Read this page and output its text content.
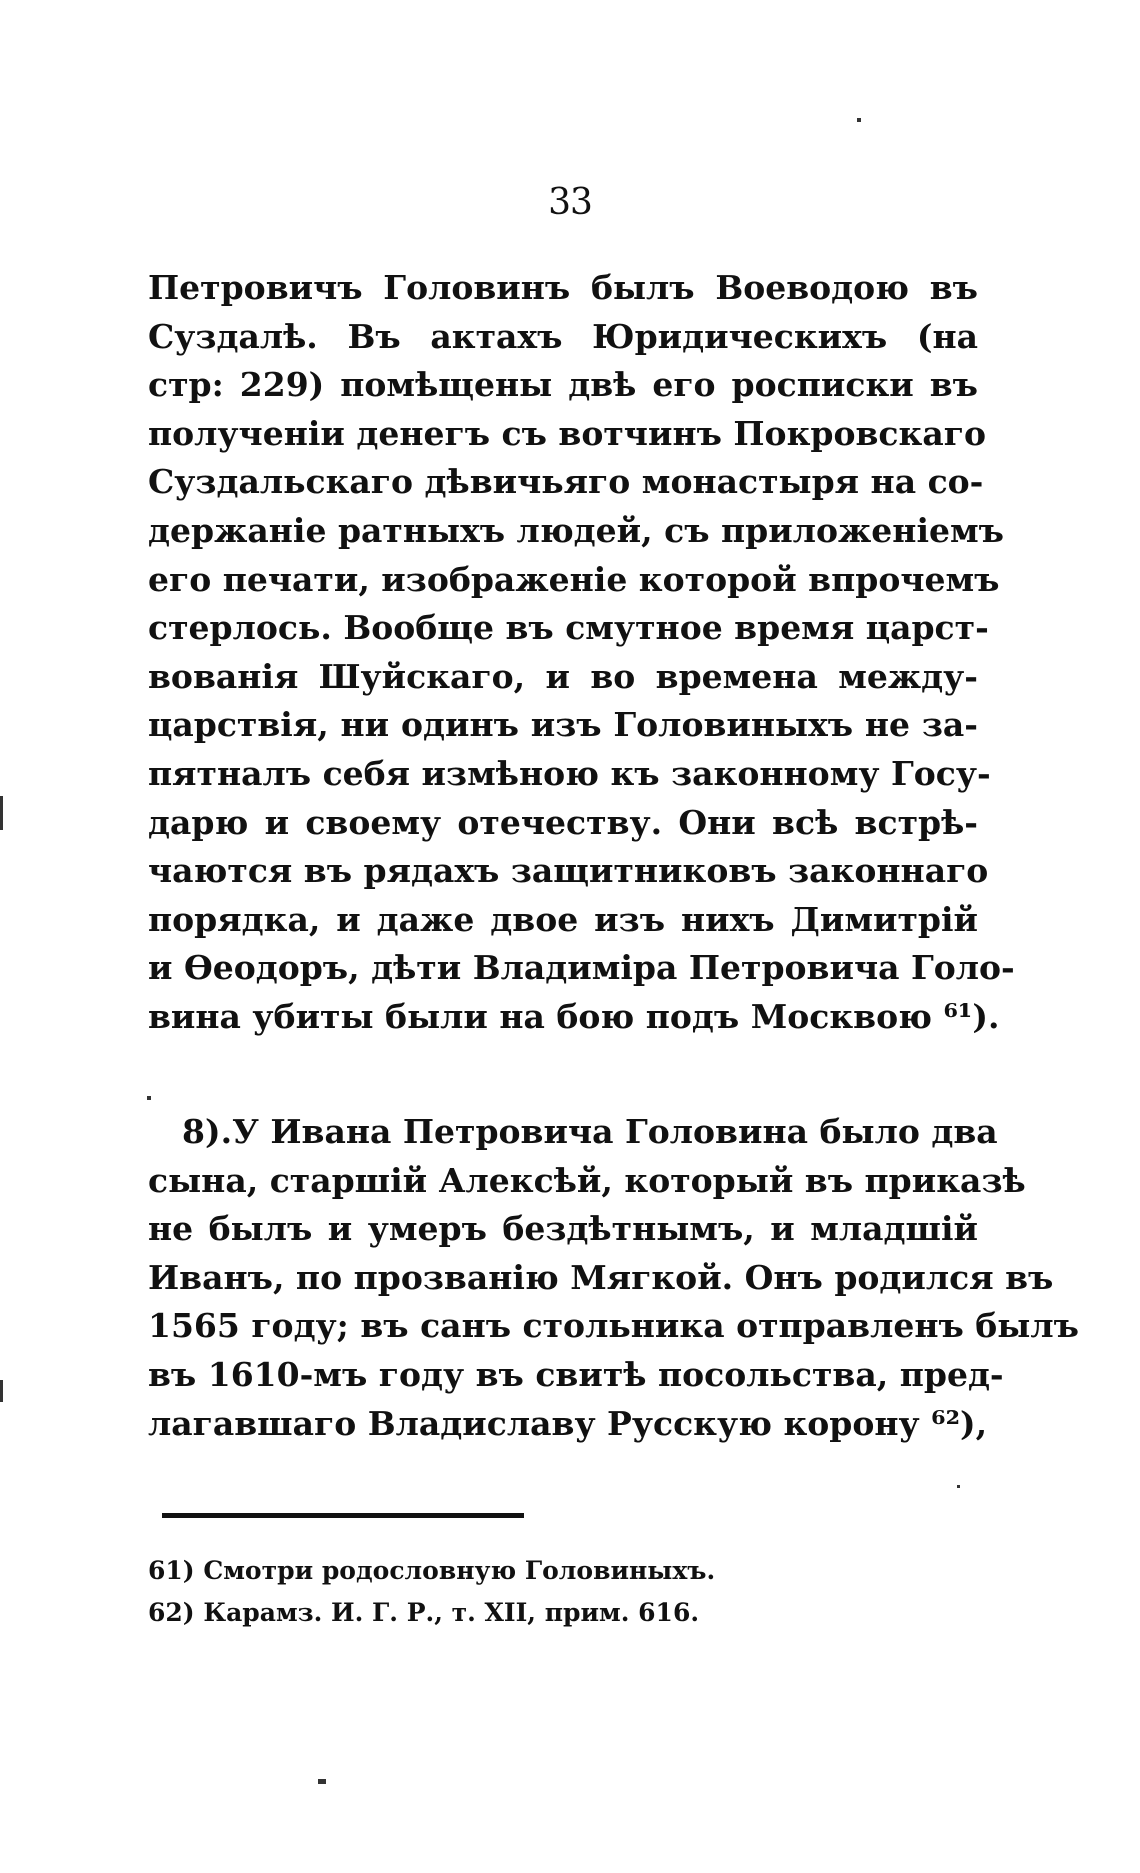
33
Петровичъ Головинъ былъ Воеводою въ
Суздалѣ. Въ актахъ Юридическихъ (на
стр: 229) помѣщены двѣ его росписки въ
полученіи денегъ съ вотчинъ Покровскаго
Суздальскаго дѣвичьяго монастыря на со-
держаніе ратныхъ людей, съ приложеніемъ
его печати, изображеніе которой впрочемъ
стерлось. Вообще въ смутное время царст-
вованія Шуйскаго, и во времена между-
царствія, ни одинъ изъ Головиныхъ не за-
пятналъ себя измѣною къ законному Госу-
дарю и своему отечеству. Они всѣ встрѣ-
чаются въ рядахъ защитниковъ законнаго
порядка, и даже двое изъ нихъ Димитрій
и Ѳеодоръ, дѣти Владиміра Петровича Голо-
вина убиты были на бою подъ Москвою ⁶¹).
8).У Ивана Петровича Головина было два
сына, старшій Алексѣй, который въ приказѣ
не былъ и умеръ бездѣтнымъ, и младшій
Иванъ, по прозванію Мягкой. Онъ родился въ
1565 году; въ санъ стольника отправленъ былъ
въ 1610-мъ году въ свитѣ посольства, пред-
лагавшаго Владиславу Русскую корону ⁶²),
61) Смотри родословную Головиныхъ.
62) Карамз. И. Г. Р., т. XII, прим. 616.
